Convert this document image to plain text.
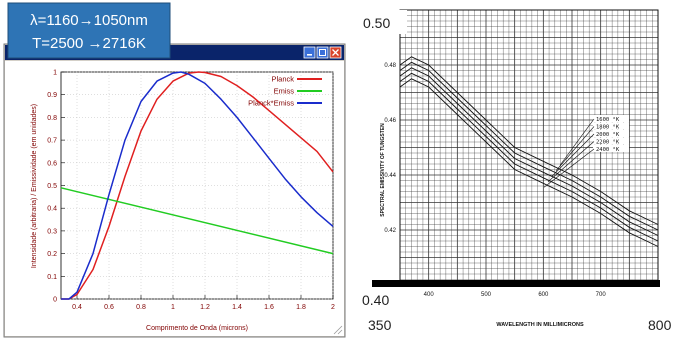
0.4	0.6	0.8	1	1.2	1.4	1.6	1.8	2
0
0.1
0.2
0.3
0.4
0.5
0.6
0.7
0.8
0.9
1
Planck
Emiss
Planck*Emiss
Comprimento de Onda (microns)
Intensidade (arbitraria) / Emissividade (em unidades)
λ=1160→1050nm
T=2500 →2716K
400	500	600	700
0.42
0.44
0.46
0.48
1600 °K
1800 °K
2000 °K
2200 °K
2400 °K
WAVELENGTH IN MILLIMICRONS
SPECTRAL EMISSIVITY OF TUNGSTEN
0.50
0.40
350	800
